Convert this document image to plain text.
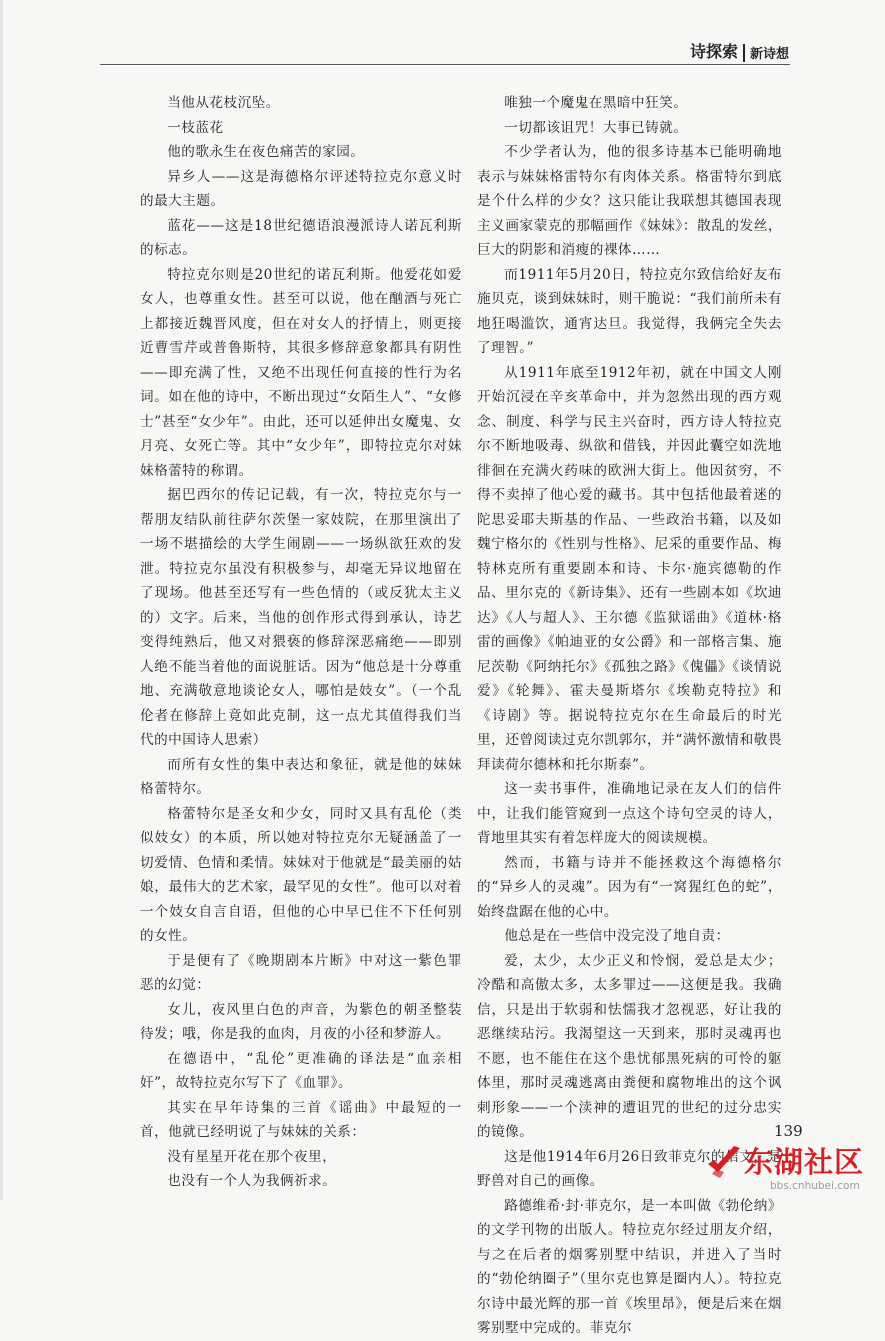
诗探索 新诗想

当他从花枝沉坠。

一枝蓝花

他的歌永生在夜色痛苦的家园。

异乡人——这是海德格尔评述特拉克尔意义时的最大主题。

蓝花——这是18世纪德语浪漫派诗人诺瓦利斯的标志。

特拉克尔则是20世纪的诺瓦利斯。他爱花如爱女人，也尊重女性。甚至可以说，他在酗酒与死亡上都接近魏晋风度，但在对女人的抒情上，则更接近曹雪芹或普鲁斯特，其很多修辞意象都具有阴性——即充满了性，又绝不出现任何直接的性行为名词。如在他的诗中，不断出现过“女陌生人”、“女修士”甚至“女少年”。由此，还可以延伸出女魔鬼、女月亮、女死亡等。其中“女少年”，即特拉克尔对妹妹格蕾特的称谓。

据巴西尔的传记记载，有一次，特拉克尔与一帮朋友结队前往萨尔茨堡一家妓院，在那里演出了一场不堪描绘的大学生闹剧——一场纵欲狂欢的发泄。特拉克尔虽没有积极参与，却毫无异议地留在了现场。他甚至还写有一些色情的（或反犹太主义的）文字。后来，当他的创作形式得到承认，诗艺变得纯熟后，他又对猥亵的修辞深恶痛绝——即别人绝不能当着他的面说脏话。因为“他总是十分尊重地、充满敬意地谈论女人，哪怕是妓女”。（一个乱伦者在修辞上竟如此克制，这一点尤其值得我们当代的中国诗人思索）

而所有女性的集中表达和象征，就是他的妹妹格蕾特尔。

格蕾特尔是圣女和少女，同时又具有乱伦（类似妓女）的本质，所以她对特拉克尔无疑涵盖了一切爱情、色情和柔情。妹妹对于他就是“最美丽的姑娘，最伟大的艺术家，最罕见的女性”。他可以对着一个妓女自言自语，但他的心中早已住不下任何别的女性。

于是便有了《晚期剧本片断》中对这一紫色罪恶的幻觉：

女儿，夜风里白色的声音，为紫色的朝圣整装待发；哦，你是我的血肉，月夜的小径和梦游人。

在德语中，“乱伦”更准确的译法是“血亲相奸”，故特拉克尔写下了《血罪》。

其实在早年诗集的三首《谣曲》中最短的一首，他就已经明说了与妹妹的关系：

没有星星开花在那个夜里，

也没有一个人为我俩祈求。

唯独一个魔鬼在黑暗中狂笑。

一切都该诅咒！大事已铸就。

不少学者认为，他的很多诗基本已能明确地表示与妹妹格雷特尔有肉体关系。格雷特尔到底是个什么样的少女？这只能让我联想其德国表现主义画家蒙克的那幅画作《妹妹》：散乱的发丝，巨大的阴影和消瘦的裸体……

而1911年5月20日，特拉克尔致信给好友布施贝克，谈到妹妹时，则干脆说：“我们前所未有地狂喝滥饮，通宵达旦。我觉得，我俩完全失去了理智。”

从1911年底至1912年初，就在中国文人刚开始沉浸在辛亥革命中，并为忽然出现的西方观念、制度、科学与民主兴奋时，西方诗人特拉克尔不断地吸毒、纵欲和借钱，并因此囊空如洗地徘徊在充满火药味的欧洲大街上。他因贫穷，不得不卖掉了他心爱的藏书。其中包括他最着迷的陀思妥耶夫斯基的作品、一些政治书籍，以及如魏宁格尔的《性别与性格》、尼采的重要作品、梅特林克所有重要剧本和诗、卡尔·施宾德勒的作品、里尔克的《新诗集》、还有一些剧本如《坎迪达》《人与超人》、王尔德《监狱谣曲》《道林·格雷的画像》《帕迪亚的女公爵》和一部格言集、施尼茨勒《阿纳托尔》《孤独之路》《傀儡》《谈情说爱》《轮舞》、霍夫曼斯塔尔《埃勒克特拉》和《诗剧》等。据说特拉克尔在生命最后的时光里，还曾阅读过克尔凯郭尔，并“满怀激情和敬畏拜读荷尔德林和托尔斯泰”。

这一卖书事件，准确地记录在友人们的信件中，让我们能管窥到一点这个诗句空灵的诗人，背地里其实有着怎样庞大的阅读规模。

然而，书籍与诗并不能拯救这个海德格尔的“异乡人的灵魂”。因为有“一窝猩红色的蛇”，始终盘踞在他的心中。

他总是在一些信中没完没了地自责：

爱，太少，太少正义和怜悯，爱总是太少；冷酷和高傲太多，太多罪过——这便是我。我确信，只是出于软弱和怯懦我才忽视恶，好让我的恶继续玷污。我渴望这一天到来，那时灵魂再也不愿，也不能住在这个患忧郁黑死病的可怜的躯体里，那时灵魂逃离由粪便和腐物堆出的这个讽刺形象——一个渎神的遭诅咒的世纪的过分忠实的镜像。

这是他1914年6月26日致菲克尔的信文，是野兽对自己的画像。

路德维希·封·菲克尔，是一本叫做《勃伦纳》的文学刊物的出版人。特拉克尔经过朋友介绍，与之在后者的烟雾别墅中结识，并进入了当时的“勃伦纳圈子”（里尔克也算是圈内人）。特拉克尔诗中最光辉的那一首《埃里昂》，便是后来在烟雾别墅中完成的。菲克尔

139
东湖社区
bbs.cnhubei.com
